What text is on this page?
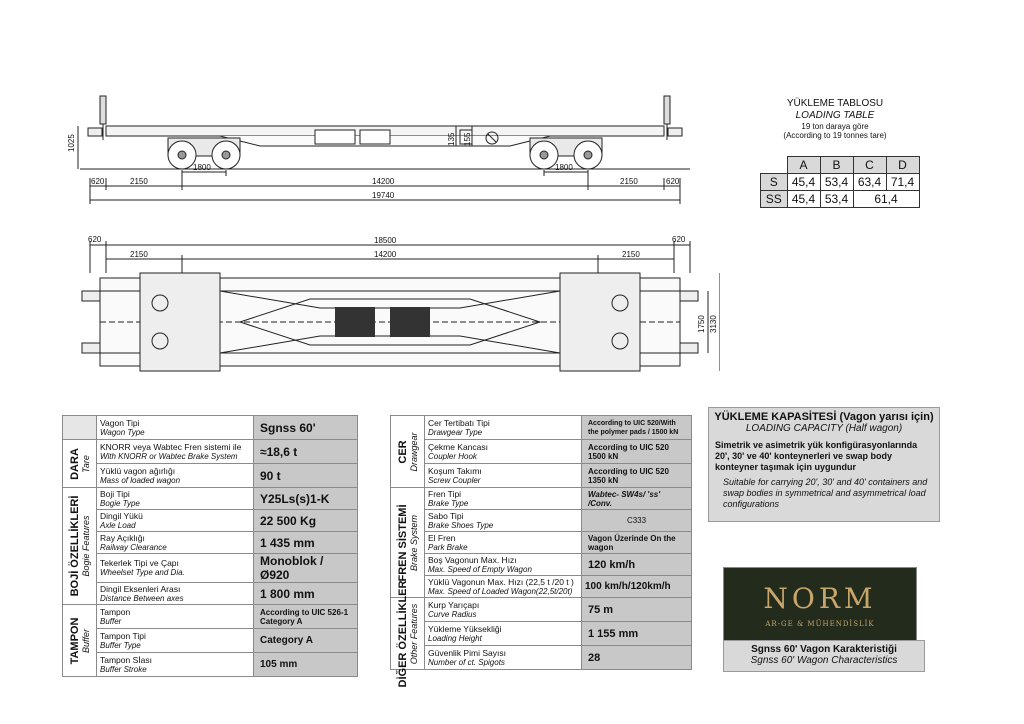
1025	135 155
620	2150
1800
14200
1800
2150	620
19740
620	18500	620
2150	14200	2150
1750 3130
YÜKLEME TABLOSU
LOADING TABLE
19 ton daraya göre
(According to 19 tonnes tare)
	A	B	C	D
S	45,4	53,4	63,4	71,4
SS	45,4	53,4	61,4	

	Vagon Tipi
Wagon Type	Sgnss 60'

DARA Tare	KNORR veya Wabtec Fren sistemi ile
With KNORR or Wabtec Brake System	≈18,6 t

	Yüklü vagon ağırlığı
Mass of loaded wagon	90 t

BOJİ ÖZELLİKLERİ Bogie Features	Boji Tipi
Bogie Type	Y25Ls(s)1-K

	Dingil Yükü
Axle Load	22 500 Kg

	Ray Açıklığı
Railway Clearance	1 435 mm

	Tekerlek Tipi ve Çapı
Wheelset Type and Dia.	Monoblok / Ø920

	Dingil Eksenleri Arası
Distance Between axes	1 800 mm

TAMPON Buffer	Tampon
Buffer	According to UIC 526-1 Category A

	Tampon Tipi
Buffer Type	Category A

	Tampon Sİası
Buffer Stroke	105 mm
CER Drawgear	Cer Tertibatı Tipi
Drawgear Type	According to UIC 520/With the polymer pads / 1500 kN

	Çekme Kancası
Coupler Hook	According to UIC 520 1500 kN

	Koşum Takımı
Screw Coupler	According to UIC 520 1350 kN

FREN SİSTEMİ Brake System	Fren Tipi
Brake Type	Wabtec- SW4s/ 'ss' /Conv.

	Sabo Tipi
Brake Shoes Type	C333

	El Fren
Park Brake	Vagon Üzerinde On the wagon

	Boş Vagonun Max. Hızı
Max. Speed of Empty Wagon	120 km/h

	Yüklü Vagonun Max. Hızı (22,5 t /20 t )
Max. Speed of Loaded Wagon(22,5t/20t)	100 km/h/120km/h

DİĞER ÖZELLİKLER Other Features	Kurp Yarıçapı
Curve Radius	75 m

	Yükleme Yüksekliği
Loading Height	1 155 mm

	Güvenlik Pimi Sayısı
Number of ct. Spigots	28
YÜKLEME KAPASİTESİ (Vagon yarısı için)
LOADING CAPACITY (Half wagon)
Simetrik ve asimetrik yük konfigürasyonlarında 20', 30' ve 40' konteynerleri ve swap body konteyner taşımak için uygundur
Suitable for carrying 20', 30' and 40' containers and swap bodies in symmetrical and asymmetrical load configurations
NORM
AR-GE & MÜHENDİSLİK
Sgnss 60' Vagon Karakteristiği
Sgnss 60' Wagon Characteristics
